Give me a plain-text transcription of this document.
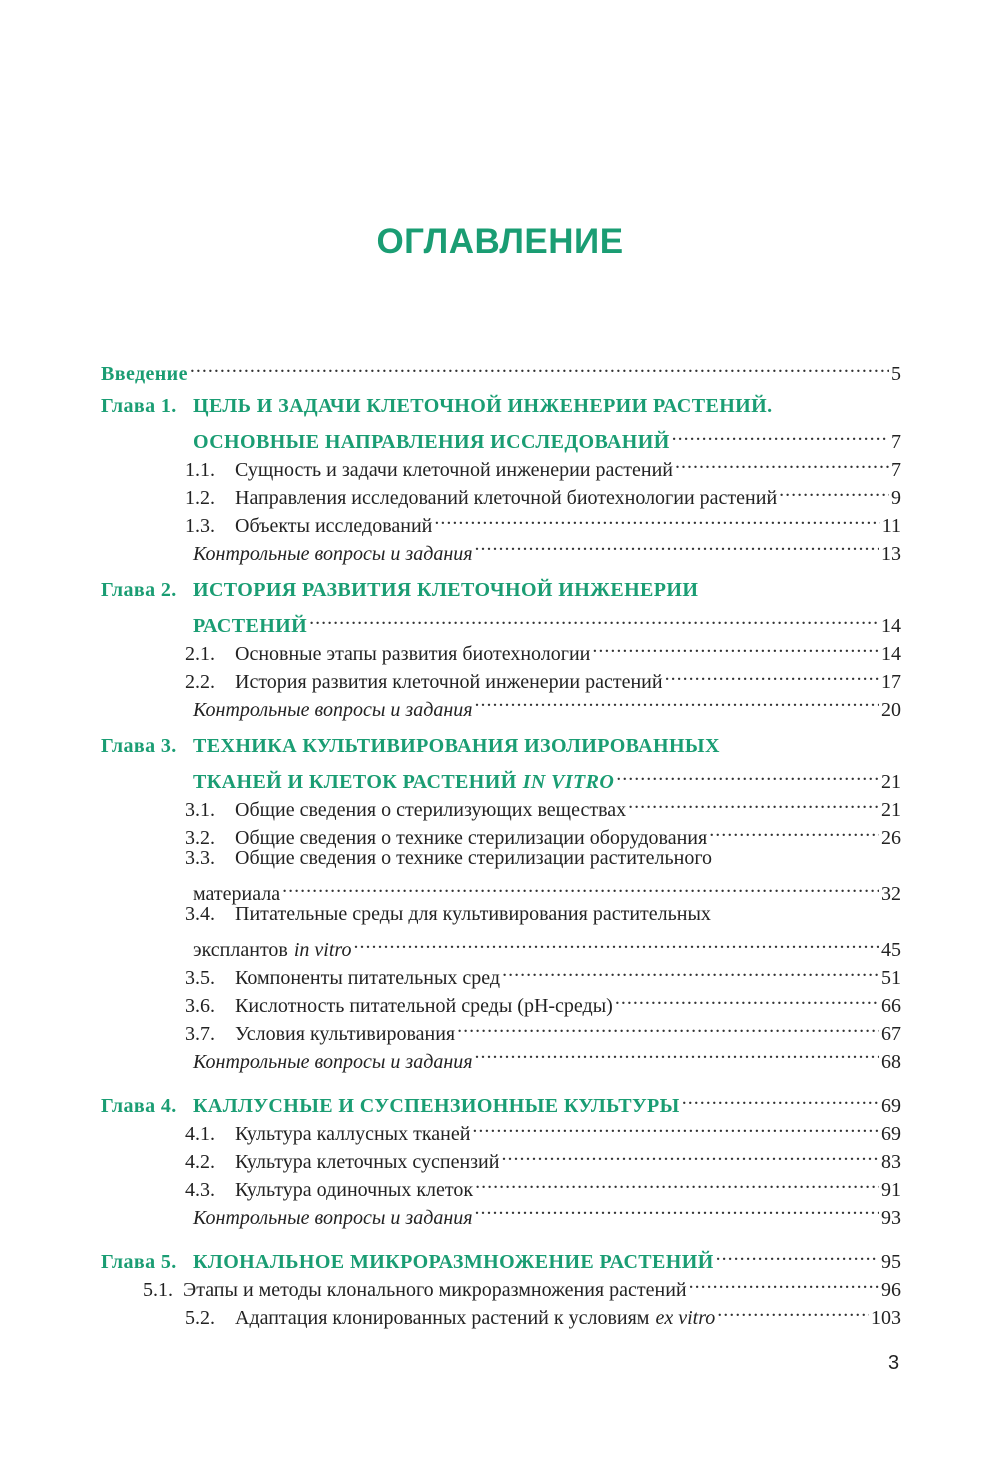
ОГЛАВЛЕНИЕ
Введение .....	5
Глава 1. ЦЕЛЬ И ЗАДАЧИ КЛЕТОЧНОЙ ИНЖЕНЕРИИ РАСТЕНИЙ.
ОСНОВНЫЕ НАПРАВЛЕНИЯ ИССЛЕДОВАНИЙ .....	7
1.1.	Сущность и задачи клеточной инженерии растений .....	7
1.2.	Направления исследований клеточной биотехнологии растений .....	9
1.3.	Объекты исследований .....	11
Контрольные вопросы и задания .....	13
Глава 2. ИСТОРИЯ РАЗВИТИЯ КЛЕТОЧНОЙ ИНЖЕНЕРИИ
РАСТЕНИЙ .....	14
2.1.	Основные этапы развития биотехнологии .....	14
2.2.	История развития клеточной инженерии растений .....	17
Контрольные вопросы и задания .....	20
Глава 3. ТЕХНИКА КУЛЬТИВИРОВАНИЯ ИЗОЛИРОВАННЫХ
ТКАНЕЙ И КЛЕТОК РАСТЕНИЙ IN VITRO .....	21
3.1.	Общие сведения о стерилизующих веществах .....	21
3.2.	Общие сведения о технике стерилизации оборудования .....	26
3.3.	Общие сведения о технике стерилизации растительного
материала .....	32
3.4.	Питательные среды для культивирования растительных
эксплантов in vitro .....	45
3.5.	Компоненты питательных сред .....	51
3.6.	Кислотность питательной среды (рН-среды) .....	66
3.7.	Условия культивирования .....	67
Контрольные вопросы и задания .....	68
Глава 4. КАЛЛУСНЫЕ И СУСПЕНЗИОННЫЕ КУЛЬТУРЫ .....	69
4.1.	Культура каллусных тканей .....	69
4.2.	Культура клеточных суспензий .....	83
4.3.	Культура одиночных клеток .....	91
Контрольные вопросы и задания .....	93
Глава 5. КЛОНАЛЬНОЕ МИКРОРАЗМНОЖЕНИЕ РАСТЕНИЙ .....	95
5.1. Этапы и методы клонального микроразмножения растений .....	96
5.2.	Адаптация клонированных растений к условиям ex vitro .....	103
3
